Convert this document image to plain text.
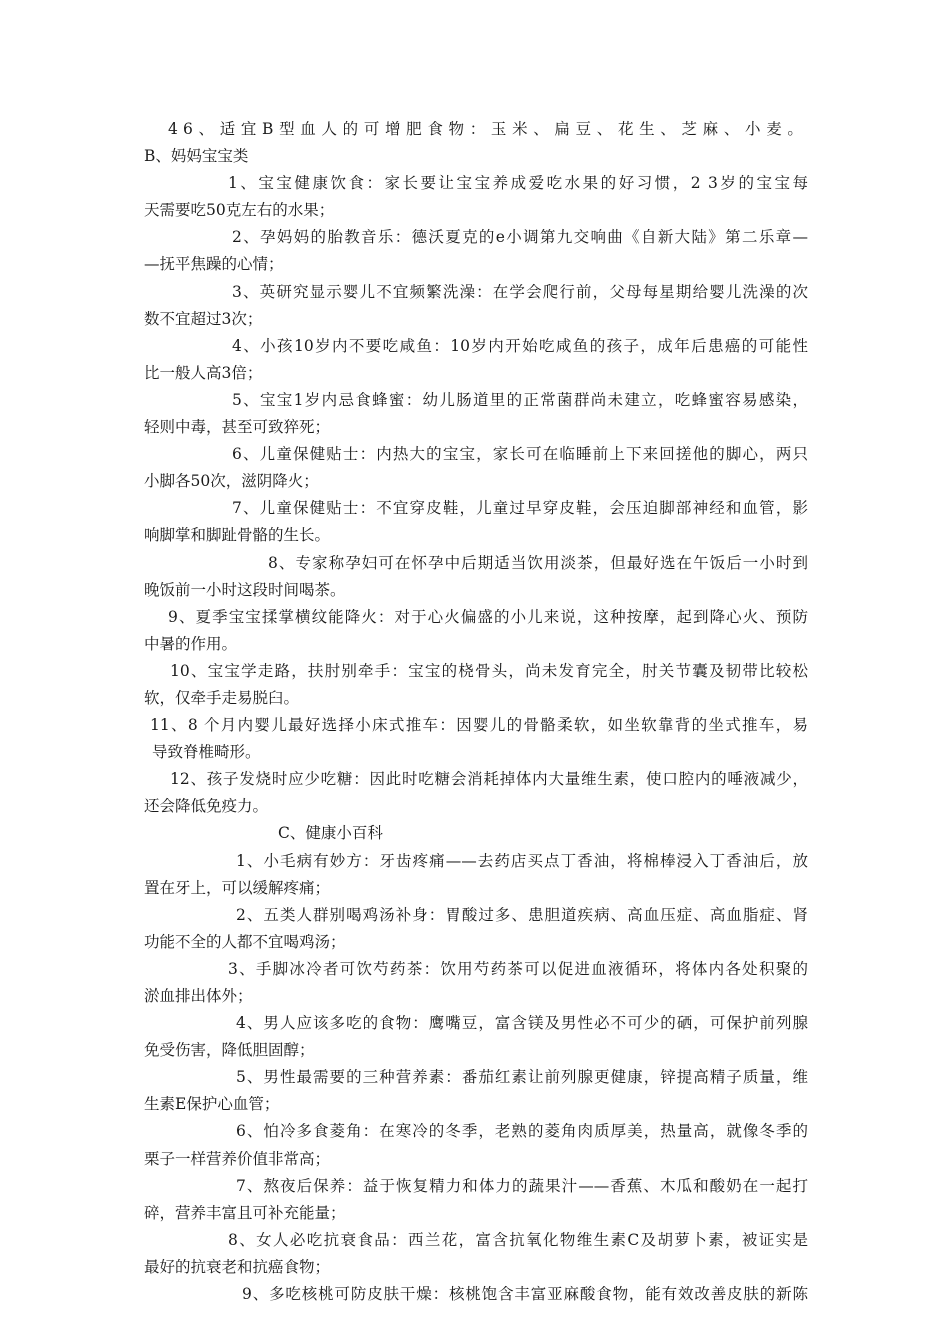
46、适宜B型血人的可增肥食物：玉米、扁豆、花生、芝麻、小麦。
B、妈妈宝宝类
1、宝宝健康饮食：家长要让宝宝养成爱吃水果的好习惯，2 3岁的宝宝每
天需要吃50克左右的水果；
2、孕妈妈的胎教音乐：德沃夏克的e小调第九交响曲《自新大陆》第二乐章—
—抚平焦躁的心情；
3、英研究显示婴儿不宜频繁洗澡：在学会爬行前，父母每星期给婴儿洗澡的次
数不宜超过3次；
4、小孩10岁内不要吃咸鱼：10岁内开始吃咸鱼的孩子，成年后患癌的可能性
比一般人高3倍；
5、宝宝1岁内忌食蜂蜜：幼儿肠道里的正常菌群尚未建立，吃蜂蜜容易感染，
轻则中毒，甚至可致猝死；
6、儿童保健贴士：内热大的宝宝，家长可在临睡前上下来回搓他的脚心，两只
小脚各50次，滋阴降火；
7、儿童保健贴士：不宜穿皮鞋，儿童过早穿皮鞋，会压迫脚部神经和血管，影
响脚掌和脚趾骨骼的生长。
8、专家称孕妇可在怀孕中后期适当饮用淡茶，但最好选在午饭后一小时到
晚饭前一小时这段时间喝茶。
9、夏季宝宝揉掌横纹能降火：对于心火偏盛的小儿来说，这种按摩，起到降心火、预防
中暑的作用。
10、宝宝学走路，扶肘别牵手：宝宝的桡骨头，尚未发育完全，肘关节囊及韧带比较松
软，仅牵手走易脱臼。
11、8 个月内婴儿最好选择小床式推车：因婴儿的骨骼柔软，如坐软靠背的坐式推车，易
导致脊椎畸形。
12、孩子发烧时应少吃糖：因此时吃糖会消耗掉体内大量维生素，使口腔内的唾液减少，
还会降低免疫力。
C、健康小百科
1、小毛病有妙方：牙齿疼痛——去药店买点丁香油，将棉棒浸入丁香油后，放
置在牙上，可以缓解疼痛；
2、五类人群别喝鸡汤补身：胃酸过多、患胆道疾病、高血压症、高血脂症、肾
功能不全的人都不宜喝鸡汤；
3、手脚冰冷者可饮芍药茶：饮用芍药茶可以促进血液循环，将体内各处积聚的
淤血排出体外；
4、男人应该多吃的食物：鹰嘴豆，富含镁及男性必不可少的硒，可保护前列腺
免受伤害，降低胆固醇；
5、男性最需要的三种营养素：番茄红素让前列腺更健康，锌提高精子质量，维
生素E保护心血管；
6、怕冷多食菱角：在寒冷的冬季，老熟的菱角肉质厚美，热量高，就像冬季的
栗子一样营养价值非常高；
7、熬夜后保养：益于恢复精力和体力的蔬果汁——香蕉、木瓜和酸奶在一起打
碎，营养丰富且可补充能量；
8、女人必吃抗衰食品：西兰花，富含抗氧化物维生素C及胡萝卜素，被证实是
最好的抗衰老和抗癌食物；
9、多吃核桃可防皮肤干燥：核桃饱含丰富亚麻酸食物，能有效改善皮肤的新陈
